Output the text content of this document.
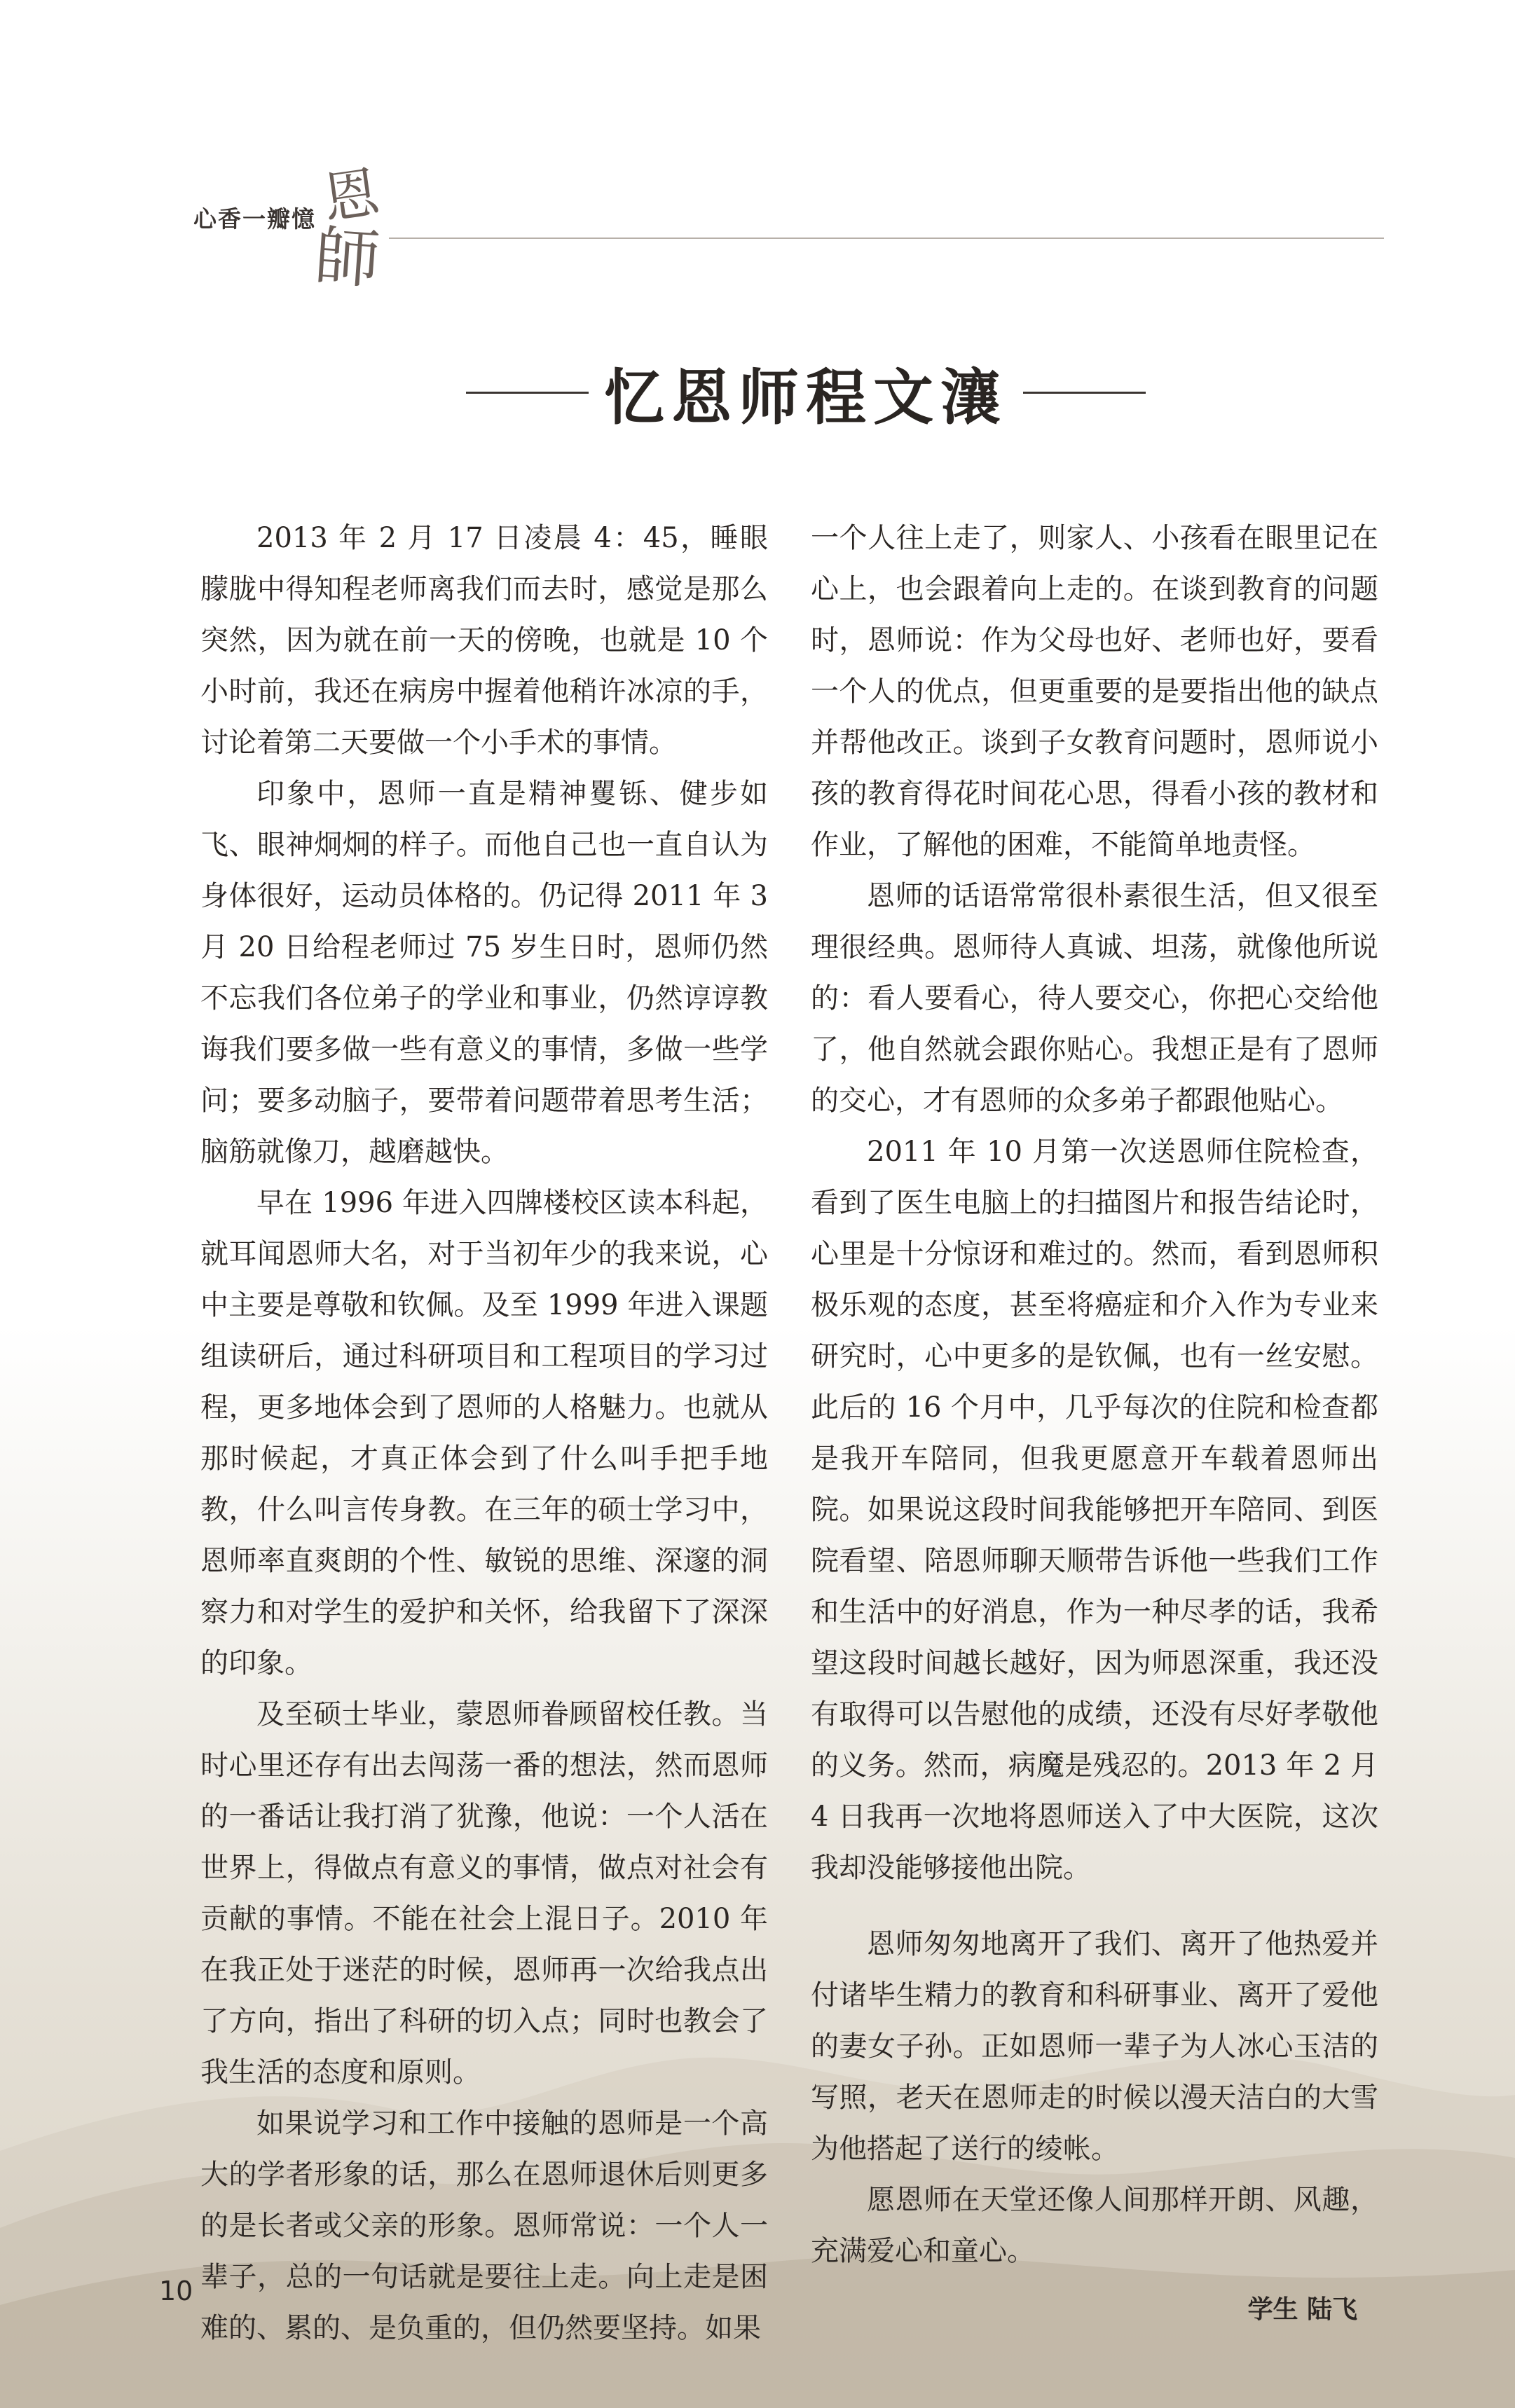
心香一瓣憶 恩
師
忆恩师程文瀼

2013 年 2 月 17 日凌晨 4：45，睡眼朦胧中得知程老师离我们而去时，感觉是那么突然，因为就在前一天的傍晚，也就是 10 个小时前，我还在病房中握着他稍许冰凉的手，讨论着第二天要做一个小手术的事情。

印象中，恩师一直是精神矍铄、健步如飞、眼神炯炯的样子。而他自己也一直自认为身体很好，运动员体格的。仍记得 2011 年 3 月 20 日给程老师过 75 岁生日时，恩师仍然不忘我们各位弟子的学业和事业，仍然谆谆教诲我们要多做一些有意义的事情，多做一些学问；要多动脑子，要带着问题带着思考生活；脑筋就像刀，越磨越快。

早在 1996 年进入四牌楼校区读本科起，就耳闻恩师大名，对于当初年少的我来说，心中主要是尊敬和钦佩。及至 1999 年进入课题组读研后，通过科研项目和工程项目的学习过程，更多地体会到了恩师的人格魅力。也就从那时候起，才真正体会到了什么叫手把手地教，什么叫言传身教。在三年的硕士学习中，恩师率直爽朗的个性、敏锐的思维、深邃的洞察力和对学生的爱护和关怀，给我留下了深深的印象。

及至硕士毕业，蒙恩师眷顾留校任教。当时心里还存有出去闯荡一番的想法，然而恩师的一番话让我打消了犹豫，他说：一个人活在世界上，得做点有意义的事情，做点对社会有贡献的事情。不能在社会上混日子。2010 年在我正处于迷茫的时候，恩师再一次给我点出了方向，指出了科研的切入点；同时也教会了我生活的态度和原则。

如果说学习和工作中接触的恩师是一个高大的学者形象的话，那么在恩师退休后则更多的是长者或父亲的形象。恩师常说：一个人一辈子，总的一句话就是要往上走。向上走是困难的、累的、是负重的，但仍然要坚持。如果

一个人往上走了，则家人、小孩看在眼里记在心上，也会跟着向上走的。在谈到教育的问题时，恩师说：作为父母也好、老师也好，要看一个人的优点，但更重要的是要指出他的缺点并帮他改正。谈到子女教育问题时，恩师说小孩的教育得花时间花心思，得看小孩的教材和作业，了解他的困难，不能简单地责怪。

恩师的话语常常很朴素很生活，但又很至理很经典。恩师待人真诚、坦荡，就像他所说的：看人要看心，待人要交心，你把心交给他了，他自然就会跟你贴心。我想正是有了恩师的交心，才有恩师的众多弟子都跟他贴心。

2011 年 10 月第一次送恩师住院检查，看到了医生电脑上的扫描图片和报告结论时，心里是十分惊讶和难过的。然而，看到恩师积极乐观的态度，甚至将癌症和介入作为专业来研究时，心中更多的是钦佩，也有一丝安慰。此后的 16 个月中，几乎每次的住院和检查都是我开车陪同，但我更愿意开车载着恩师出院。如果说这段时间我能够把开车陪同、到医院看望、陪恩师聊天顺带告诉他一些我们工作和生活中的好消息，作为一种尽孝的话，我希望这段时间越长越好，因为师恩深重，我还没有取得可以告慰他的成绩，还没有尽好孝敬他的义务。然而，病魔是残忍的。2013 年 2 月 4 日我再一次地将恩师送入了中大医院，这次我却没能够接他出院。

恩师匆匆地离开了我们、离开了他热爱并付诸毕生精力的教育和科研事业、离开了爱他的妻女子孙。正如恩师一辈子为人冰心玉洁的写照，老天在恩师走的时候以漫天洁白的大雪为他搭起了送行的绫帐。

愿恩师在天堂还像人间那样开朗、风趣，充满爱心和童心。

学生 陆飞

10
